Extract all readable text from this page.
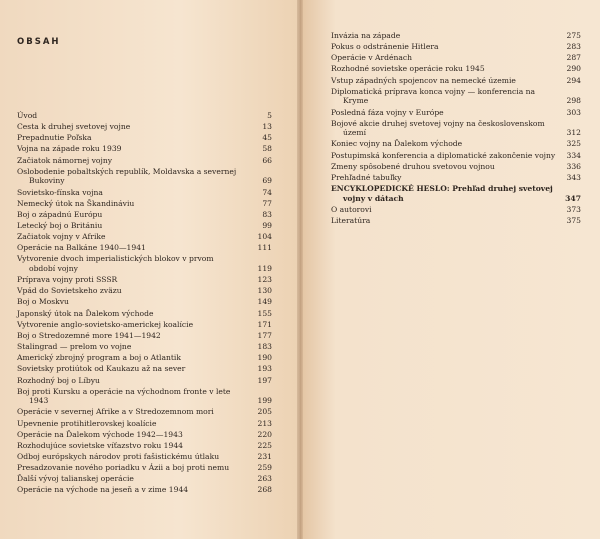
OBSAH
Úvod	5
Cesta k druhej svetovej vojne	13
Prepadnutie Poľska	45
Vojna na západe roku 1939	58
Začiatok námornej vojny	66
Oslobodenie pobaltských republík, Moldavska a severnej
Bukoviny	69
Sovietsko-fínska vojna	74
Nemecký útok na Škandináviu	77
Boj o západnú Európu	83
Letecký boj o Britániu	99
Začiatok vojny v Afrike	104
Operácie na Balkáne 1940—1941	111
Vytvorenie dvoch imperialistických blokov v prvom
období vojny	119
Príprava vojny proti SSSR	123
Vpád do Sovietskeho zväzu	130
Boj o Moskvu	149
Japonský útok na Ďalekom východe	155
Vytvorenie anglo-sovietsko-americkej koalície	171
Boj o Stredozemné more 1941—1942	177
Stalingrad — prelom vo vojne	183
Americký zbrojný program a boj o Atlantik	190
Sovietsky protiútok od Kaukazu až na sever	193
Rozhodný boj o Líbyu	197
Boj proti Kursku a operácie na východnom fronte v lete
1943	199
Operácie v severnej Afrike a v Stredozemnom mori	205
Upevnenie protihitlerovskej koalície	213
Operácie na Ďalekom východe 1942—1943	220
Rozhodujúce sovietske víťazstvo roku 1944	225
Odboj európskych národov proti fašistickému útlaku	231
Presadzovanie nového poriadku v Ázii a boj proti nemu	259
Ďalší vývoj talianskej operácie	263
Operácie na východe na jeseň a v zime 1944	268
Invázia na západe	275
Pokus o odstránenie Hitlera	283
Operácie v Ardénach	287
Rozhodné sovietske operácie roku 1945	290
Vstup západných spojencov na nemecké územie	294
Diplomatická príprava konca vojny — konferencia na
Kryme	298
Posledná fáza vojny v Európe	303
Bojové akcie druhej svetovej vojny na československom
území	312
Koniec vojny na Ďalekom východe	325
Postupimská konferencia a diplomatické zakončenie vojny 334
Zmeny spôsobené druhou svetovou vojnou	336
Prehľadné tabuľky	343
ENCYKLOPEDICKÉ HESLO: Prehľad druhej svetovej
vojny v dátach	347
O autorovi	373
Literatúra	375
